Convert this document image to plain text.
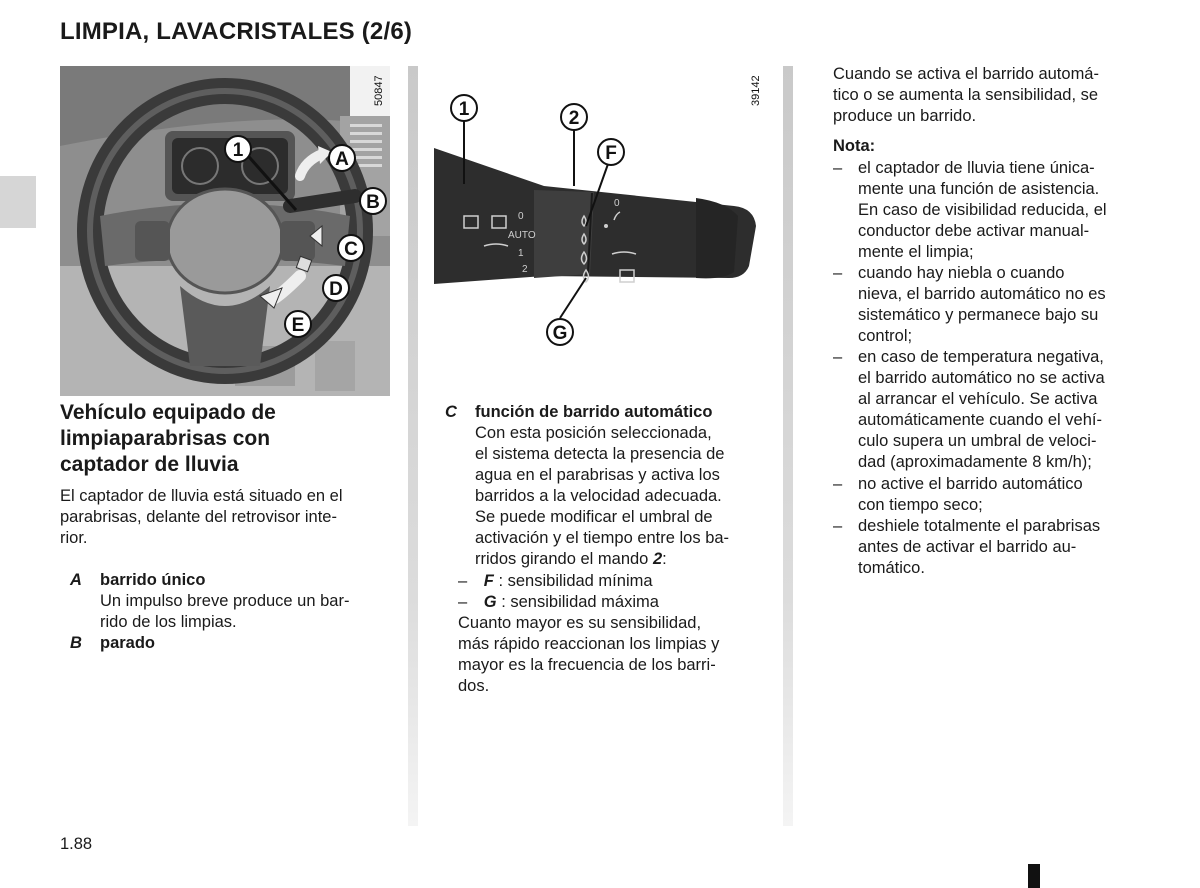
LIMPIA, LAVACRISTALES (2/6)
1	A
B
C
D
E
50847
AUTO
0
1
2
0
1	2
F
G
39142
Vehículo equipado de
limpiaparabrisas con
captador de lluvia
El captador de lluvia está situado en el
parabrisas, delante del retrovisor inte-
rior.
A barrido único
Un impulso breve produce un bar-
rido de los limpias.
B parado
C función de barrido automático
Con esta posición seleccionada,
el sistema detecta la presencia de
agua en el parabrisas y activa los
barridos a la velocidad adecuada.
Se puede modificar el umbral de
activación y el tiempo entre los ba-
rridos girando el mando 2:
– F : sensibilidad mínima
– G : sensibilidad máxima
Cuanto mayor es su sensibilidad,
más rápido reaccionan los limpias y
mayor es la frecuencia de los barri-
dos.
Cuando se activa el barrido automá-
tico o se aumenta la sensibilidad, se
produce un barrido.
Nota:
– el captador de lluvia tiene única-
mente una función de asistencia.
En caso de visibilidad reducida, el
conductor debe activar manual-
mente el limpia;
– cuando hay niebla o cuando
nieva, el barrido automático no es
sistemático y permanece bajo su
control;
– en caso de temperatura negativa,
el barrido automático no se activa
al arrancar el vehículo. Se activa
automáticamente cuando el vehí-
culo supera un umbral de veloci-
dad (aproximadamente 8 km/h);
– no active el barrido automático
con tiempo seco;
– deshiele totalmente el parabrisas
antes de activar el barrido au-
tomático.
1.88
